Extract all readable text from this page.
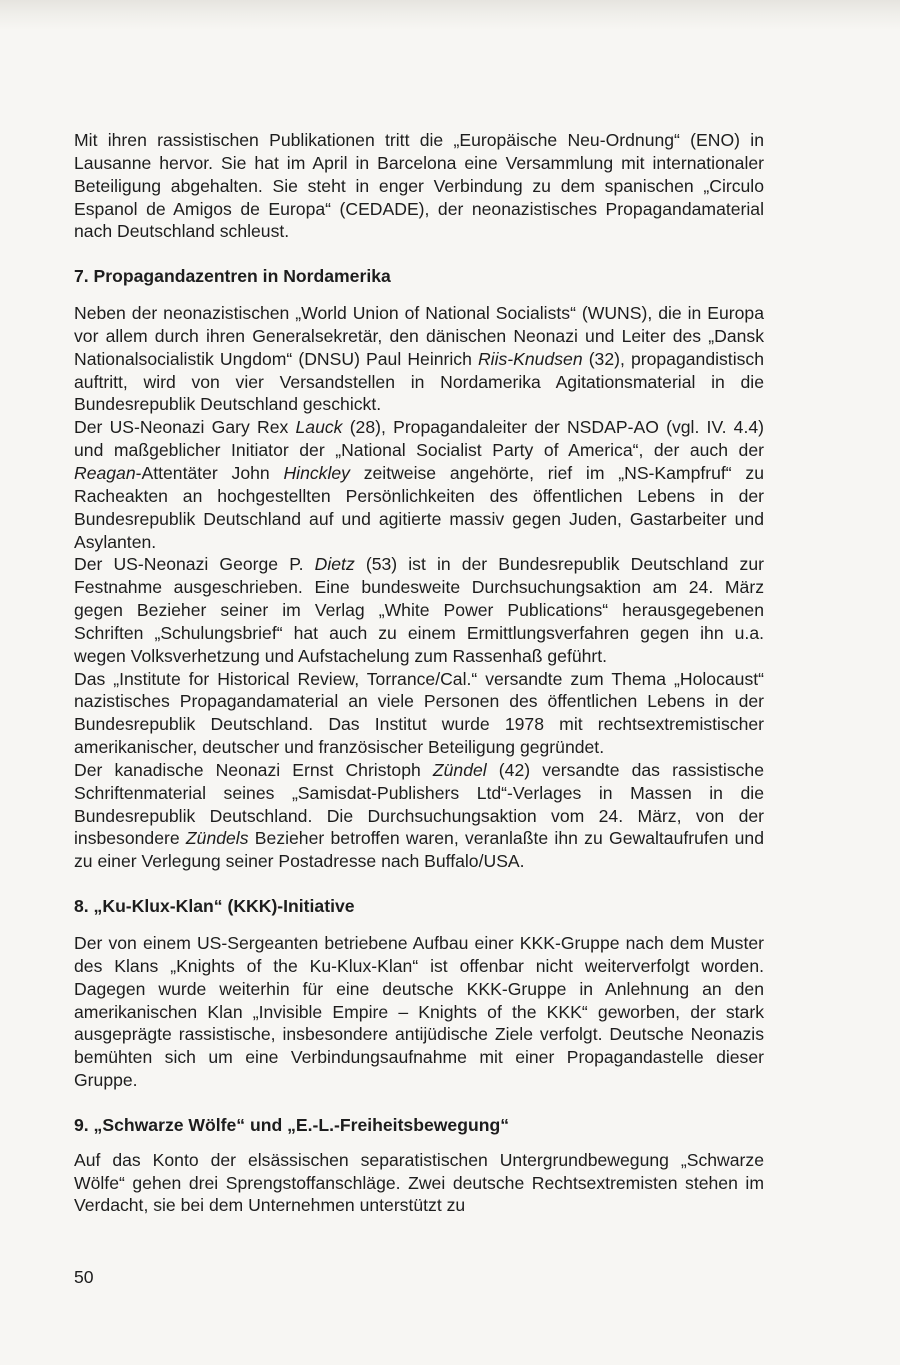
Mit ihren rassistischen Publikationen tritt die „Europäische Neu-Ordnung“ (ENO) in Lausanne hervor. Sie hat im April in Barcelona eine Versammlung mit internationaler Beteiligung abgehalten. Sie steht in enger Verbindung zu dem spanischen „Circulo Espanol de Amigos de Europa“ (CEDADE), der neonazistisches Propagandamaterial nach Deutschland schleust.

7. Propagandazentren in Nordamerika

Neben der neonazistischen „World Union of National Socialists“ (WUNS), die in Europa vor allem durch ihren Generalsekretär, den dänischen Neonazi und Leiter des „Dansk Nationalsocialistik Ungdom“ (DNSU) Paul Heinrich Riis-Knudsen (32), propagandistisch auftritt, wird von vier Versandstellen in Nordamerika Agitationsmaterial in die Bundesrepublik Deutschland geschickt.

Der US-Neonazi Gary Rex Lauck (28), Propagandaleiter der NSDAP-AO (vgl. IV. 4.4) und maßgeblicher Initiator der „National Socialist Party of America“, der auch der Reagan-Attentäter John Hinckley zeitweise angehörte, rief im „NS-Kampfruf“ zu Racheakten an hochgestellten Persönlichkeiten des öffentlichen Lebens in der Bundesrepublik Deutschland auf und agitierte massiv gegen Juden, Gastarbeiter und Asylanten.

Der US-Neonazi George P. Dietz (53) ist in der Bundesrepublik Deutschland zur Festnahme ausgeschrieben. Eine bundesweite Durchsuchungsaktion am 24. März gegen Bezieher seiner im Verlag „White Power Publications“ herausgegebenen Schriften „Schulungsbrief“ hat auch zu einem Ermittlungsverfahren gegen ihn u.a. wegen Volksverhetzung und Aufstachelung zum Rassenhaß geführt.

Das „Institute for Historical Review, Torrance/Cal.“ versandte zum Thema „Holocaust“ nazistisches Propagandamaterial an viele Personen des öffentlichen Lebens in der Bundesrepublik Deutschland. Das Institut wurde 1978 mit rechtsextremistischer amerikanischer, deutscher und französischer Beteiligung gegründet.

Der kanadische Neonazi Ernst Christoph Zündel (42) versandte das rassistische Schriftenmaterial seines „Samisdat-Publishers Ltd“-Verlages in Massen in die Bundesrepublik Deutschland. Die Durchsuchungsaktion vom 24. März, von der insbesondere Zündels Bezieher betroffen waren, veranlaßte ihn zu Gewaltaufrufen und zu einer Verlegung seiner Postadresse nach Buffalo/USA.

8. „Ku-Klux-Klan“ (KKK)-Initiative

Der von einem US-Sergeanten betriebene Aufbau einer KKK-Gruppe nach dem Muster des Klans „Knights of the Ku-Klux-Klan“ ist offenbar nicht weiterverfolgt worden. Dagegen wurde weiterhin für eine deutsche KKK-Gruppe in Anlehnung an den amerikanischen Klan „Invisible Empire – Knights of the KKK“ geworben, der stark ausgeprägte rassistische, insbesondere antijüdische Ziele verfolgt. Deutsche Neonazis bemühten sich um eine Verbindungsaufnahme mit einer Propagandastelle dieser Gruppe.

9. „Schwarze Wölfe“ und „E.-L.-Freiheitsbewegung“

Auf das Konto der elsässischen separatistischen Untergrundbewegung „Schwarze Wölfe“ gehen drei Sprengstoffanschläge. Zwei deutsche Rechtsextremisten stehen im Verdacht, sie bei dem Unternehmen unterstützt zu

50
